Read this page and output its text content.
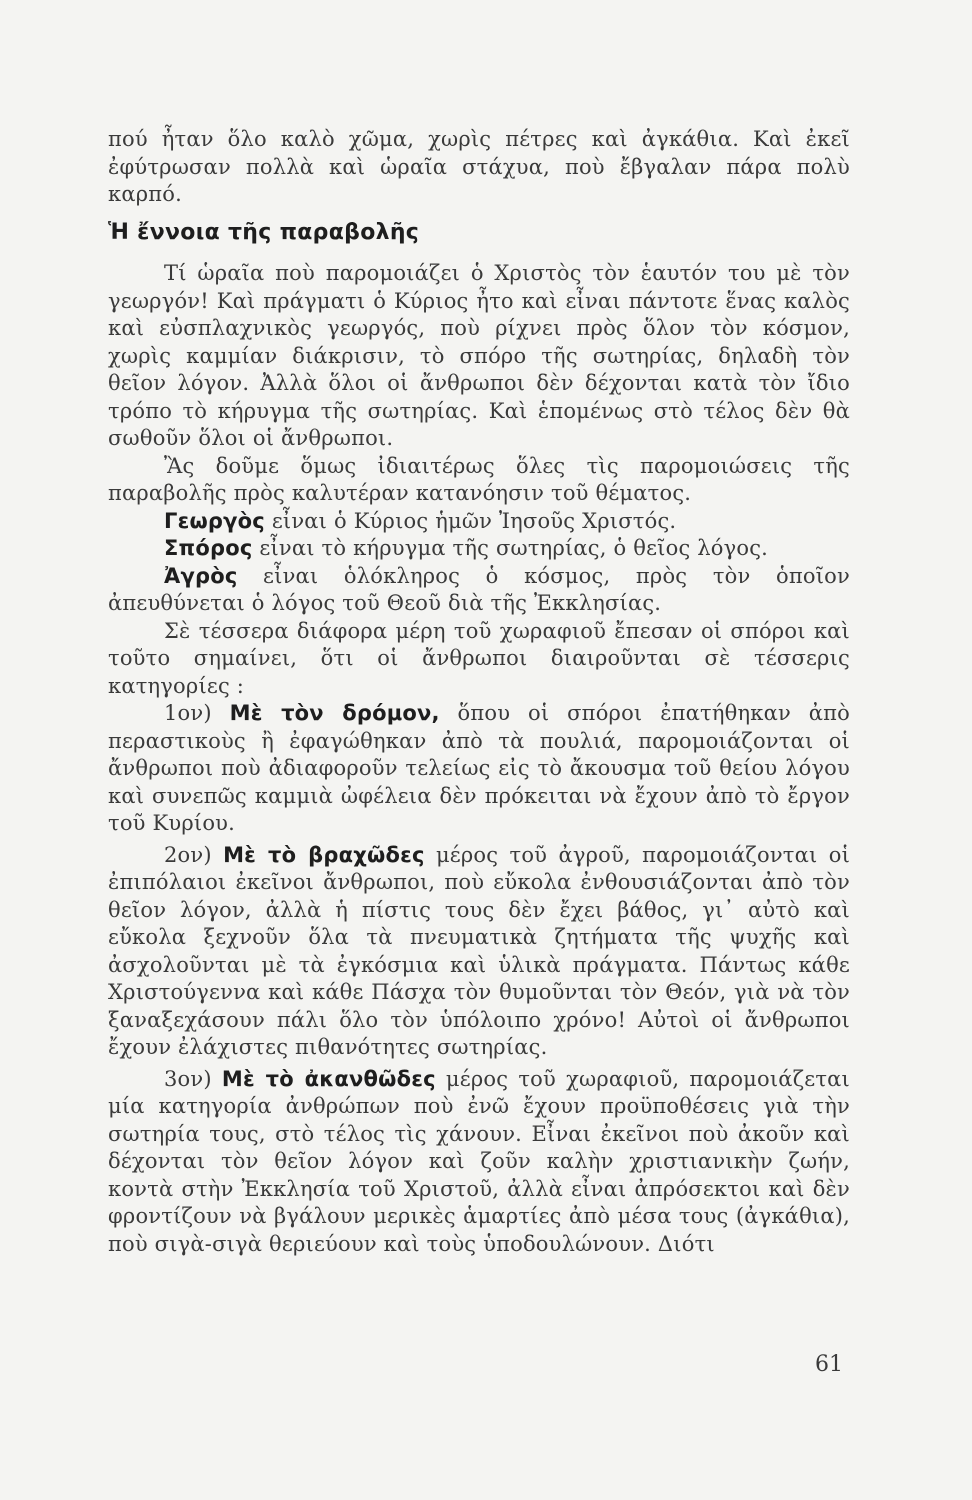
πού ἦταν ὅλο καλὸ χῶμα, χωρὶς πέτρες καὶ ἀγκάθια. Καὶ ἐκεῖ ἐφύτρωσαν πολλὰ καὶ ὡραῖα στάχυα, ποὺ ἔβγαλαν πάρα πολὺ καρπό.

Ἡ ἔννοια τῆς παραβολῆς

Τί ὡραῖα ποὺ παρομοιάζει ὁ Χριστὸς τὸν ἑαυτόν του μὲ τὸν γεωργόν! Καὶ πράγματι ὁ Κύριος ἦτο καὶ εἶναι πάντοτε ἕνας καλὸς καὶ εὐσπλαχνικὸς γεωργός, ποὺ ρίχνει πρὸς ὅλον τὸν κόσμον, χωρὶς καμμίαν διάκρισιν, τὸ σπόρο τῆς σωτηρίας, δηλαδὴ τὸν θεῖον λόγον. Ἀλλὰ ὅλοι οἱ ἄνθρωποι δὲν δέχονται κατὰ τὸν ἴδιο τρόπο τὸ κήρυγμα τῆς σωτηρίας. Καὶ ἑπομένως στὸ τέλος δὲν θὰ σωθοῦν ὅλοι οἱ ἄνθρωποι.

Ἂς δοῦμε ὅμως ἰδιαιτέρως ὅλες τὶς παρομοιώσεις τῆς παραβολῆς πρὸς καλυτέραν κατανόησιν τοῦ θέματος.

Γεωργὸς εἶναι ὁ Κύριος ἡμῶν Ἰησοῦς Χριστός.

Σπόρος εἶναι τὸ κήρυγμα τῆς σωτηρίας, ὁ θεῖος λόγος.

Ἀγρὸς εἶναι ὁλόκληρος ὁ κόσμος, πρὸς τὸν ὁποῖον ἀπευθύνεται ὁ λόγος τοῦ Θεοῦ διὰ τῆς Ἐκκλησίας.

Σὲ τέσσερα διάφορα μέρη τοῦ χωραφιοῦ ἔπεσαν οἱ σπόροι καὶ τοῦτο σημαίνει, ὅτι οἱ ἄνθρωποι διαιροῦνται σὲ τέσσερις κατηγορίες :

1ον) Μὲ τὸν δρόμον, ὅπου οἱ σπόροι ἐπατήθηκαν ἀπὸ περαστικοὺς ἢ ἐφαγώθηκαν ἀπὸ τὰ πουλιά, παρομοιάζονται οἱ ἄνθρωποι ποὺ ἀδιαφοροῦν τελείως εἰς τὸ ἄκουσμα τοῦ θείου λόγου καὶ συνεπῶς καμμιὰ ὠφέλεια δὲν πρόκειται νὰ ἔχουν ἀπὸ τὸ ἔργον τοῦ Κυρίου.

2ον) Μὲ τὸ βραχῶδες μέρος τοῦ ἀγροῦ, παρομοιάζονται οἱ ἐπιπόλαιοι ἐκεῖνοι ἄνθρωποι, ποὺ εὔκολα ἐνθουσιάζονται ἀπὸ τὸν θεῖον λόγον, ἀλλὰ ἡ πίστις τους δὲν ἔχει βάθος, γι᾽ αὐτὸ καὶ εὔκολα ξεχνοῦν ὅλα τὰ πνευματικὰ ζητήματα τῆς ψυχῆς καὶ ἀσχολοῦνται μὲ τὰ ἐγκόσμια καὶ ὑλικὰ πράγματα. Πάντως κάθε Χριστούγεννα καὶ κάθε Πάσχα τὸν θυμοῦνται τὸν Θεόν, γιὰ νὰ τὸν ξαναξεχάσουν πάλι ὅλο τὸν ὑπόλοιπο χρόνο! Αὐτοὶ οἱ ἄνθρωποι ἔχουν ἐλάχιστες πιθανότητες σωτηρίας.

3ον) Μὲ τὸ ἀκανθῶδες μέρος τοῦ χωραφιοῦ, παρομοιάζεται μία κατηγορία ἀνθρώπων ποὺ ἐνῶ ἔχουν προϋποθέσεις γιὰ τὴν σωτηρία τους, στὸ τέλος τὶς χάνουν. Εἶναι ἐκεῖνοι ποὺ ἀκοῦν καὶ δέχονται τὸν θεῖον λόγον καὶ ζοῦν καλὴν χριστιανικὴν ζωήν, κοντὰ στὴν Ἐκκλησία τοῦ Χριστοῦ, ἀλλὰ εἶναι ἀπρόσεκτοι καὶ δὲν φροντίζουν νὰ βγάλουν μερικὲς ἁμαρτίες ἀπὸ μέσα τους (ἀγκάθια), ποὺ σιγὰ-σιγὰ θεριεύουν καὶ τοὺς ὑποδουλώνουν. Διότι

61
